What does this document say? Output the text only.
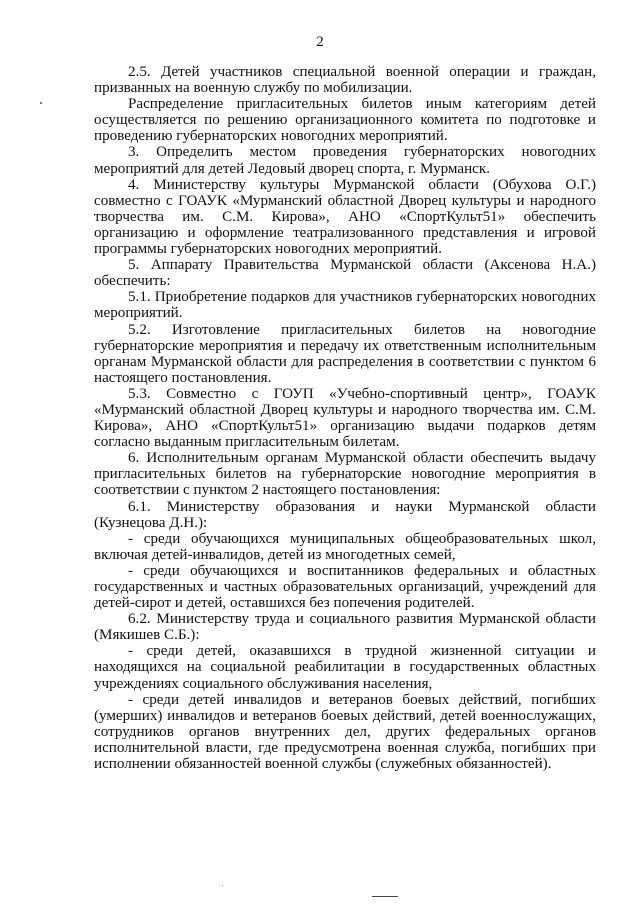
2

2.5. Детей участников специальной военной операции и граждан, призванных на военную службу по мобилизации.

Распределение пригласительных билетов иным категориям детей осуществляется по решению организационного комитета по подготовке и проведению губернаторских новогодних мероприятий.

3. Определить местом проведения губернаторских новогодних мероприятий для детей Ледовый дворец спорта, г. Мурманск.

4. Министерству культуры Мурманской области (Обухова О.Г.) совместно с ГОАУК «Мурманский областной Дворец культуры и народного творчества им. С.М. Кирова», АНО «СпортКульт51» обеспечить организацию и оформление театрализованного представления и игровой программы губернаторских новогодних мероприятий.

5. Аппарату Правительства Мурманской области (Аксенова Н.А.) обеспечить:

5.1. Приобретение подарков для участников губернаторских новогодних мероприятий.

5.2. Изготовление пригласительных билетов на новогодние губернаторские мероприятия и передачу их ответственным исполнительным органам Мурманской области для распределения в соответствии с пунктом 6 настоящего постановления.

5.3. Совместно с ГОУП «Учебно-спортивный центр», ГОАУК «Мурманский областной Дворец культуры и народного творчества им. С.М. Кирова», АНО «СпортКульт51» организацию выдачи подарков детям согласно выданным пригласительным билетам.

6. Исполнительным органам Мурманской области обеспечить выдачу пригласительных билетов на губернаторские новогодние мероприятия в соответствии с пунктом 2 настоящего постановления:

6.1. Министерству образования и науки Мурманской области (Кузнецова Д.Н.):

- среди обучающихся муниципальных общеобразовательных школ, включая детей-инвалидов, детей из многодетных семей,

- среди обучающихся и воспитанников федеральных и областных государственных и частных образовательных организаций, учреждений для детей-сирот и детей, оставшихся без попечения родителей.

6.2. Министерству труда и социального развития Мурманской области (Мякишев С.Б.):

- среди детей, оказавшихся в трудной жизненной ситуации и находящихся на социальной реабилитации в государственных областных учреждениях социального обслуживания населения,

- среди детей инвалидов и ветеранов боевых действий, погибших (умерших) инвалидов и ветеранов боевых действий, детей военнослужащих, сотрудников органов внутренних дел, других федеральных органов исполнительной власти, где предусмотрена военная служба, погибших при исполнении обязанностей военной службы (служебных обязанностей).
